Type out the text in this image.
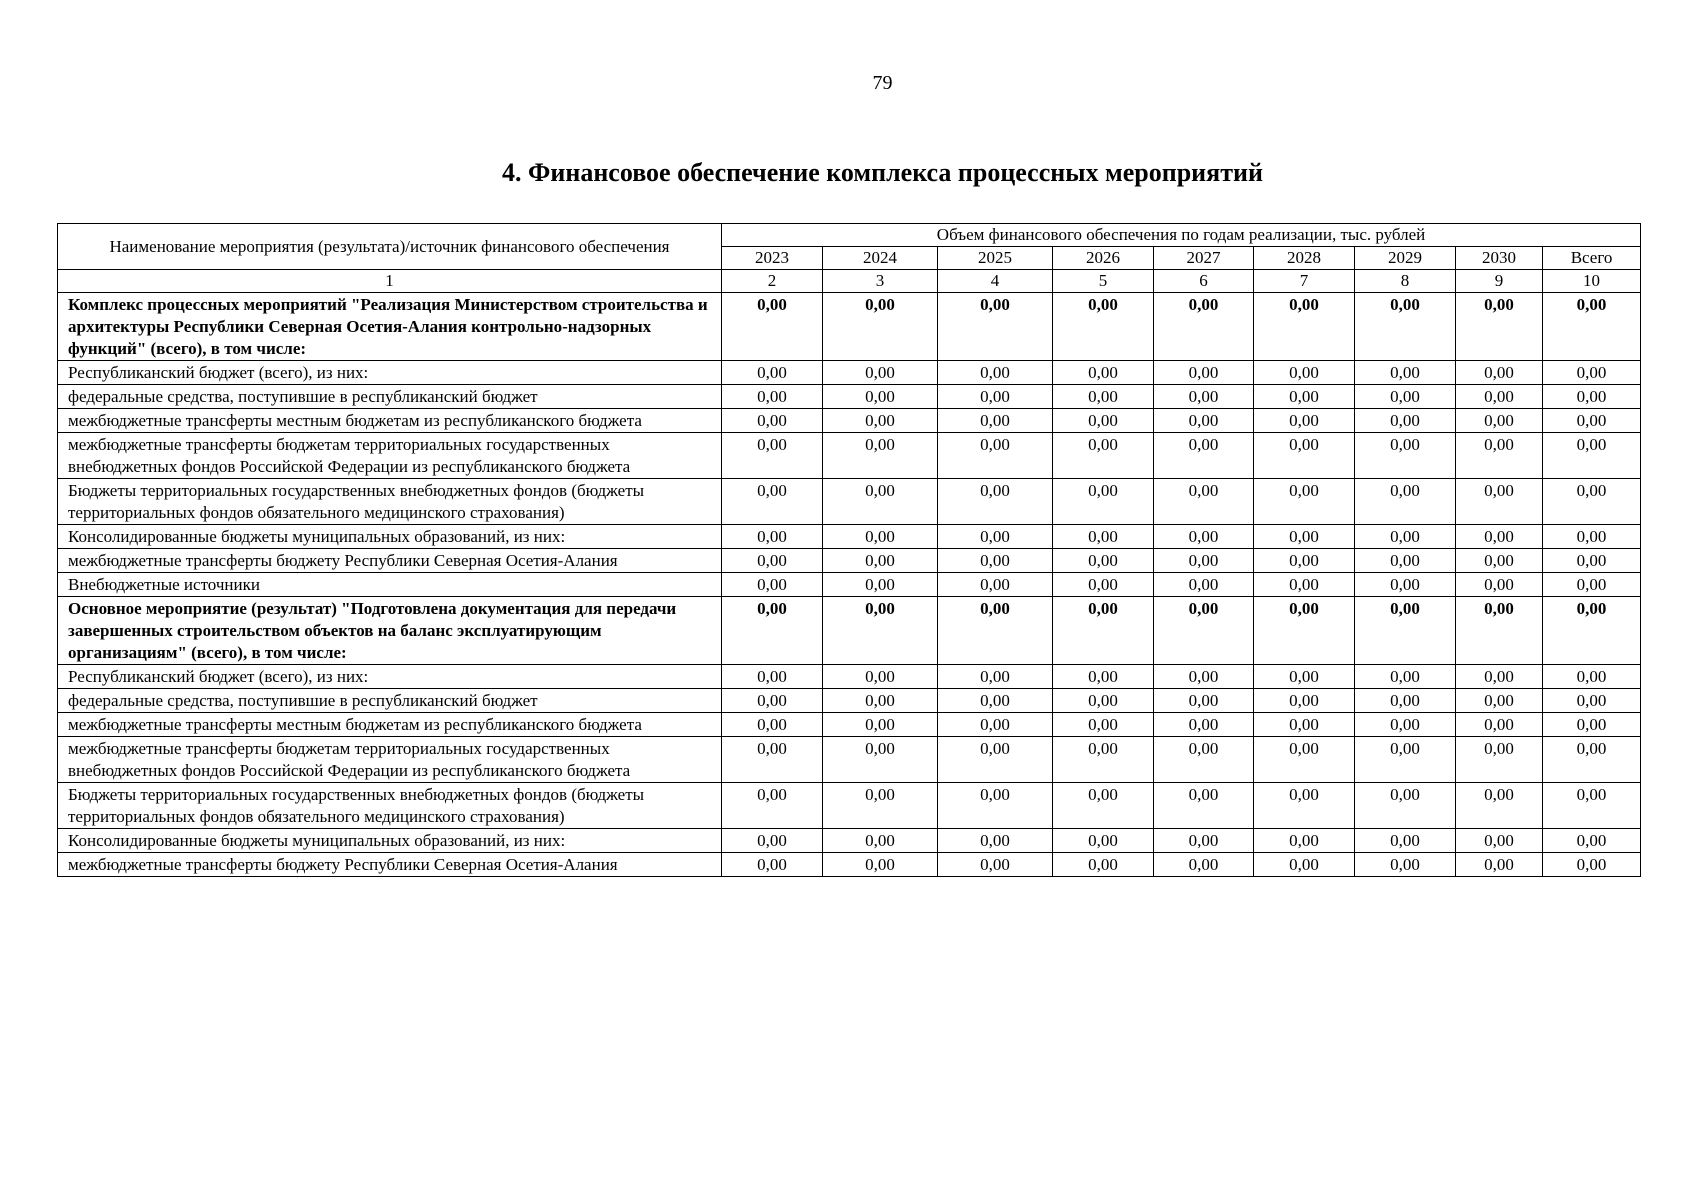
79
4. Финансовое обеспечение комплекса процессных мероприятий
Наименование мероприятия (результата)/источник финансового обеспечения	Объем финансового обеспечения по годам реализации, тыс. рублей								
	2023	2024	2025	2026	2027	2028	2029	2030	Всего
1	2	3	4	5	6	7	8	9	10
Комплекс процессных мероприятий "Реализация Министерством строительства и архитектуры Республики Северная Осетия-Алания контрольно-надзорных функций" (всего), в том числе:	0,00	0,00	0,00	0,00	0,00	0,00	0,00	0,00	0,00
Республиканский бюджет (всего), из них:	0,00	0,00	0,00	0,00	0,00	0,00	0,00	0,00	0,00
федеральные средства, поступившие в республиканский бюджет	0,00	0,00	0,00	0,00	0,00	0,00	0,00	0,00	0,00
межбюджетные трансферты местным бюджетам из республиканского бюджета	0,00	0,00	0,00	0,00	0,00	0,00	0,00	0,00	0,00
межбюджетные трансферты бюджетам территориальных государственных внебюджетных фондов Российской Федерации из республиканского бюджета	0,00	0,00	0,00	0,00	0,00	0,00	0,00	0,00	0,00
Бюджеты территориальных государственных внебюджетных фондов (бюджеты территориальных фондов обязательного медицинского страхования)	0,00	0,00	0,00	0,00	0,00	0,00	0,00	0,00	0,00
Консолидированные бюджеты муниципальных образований, из них:	0,00	0,00	0,00	0,00	0,00	0,00	0,00	0,00	0,00
межбюджетные трансферты бюджету Республики Северная Осетия-Алания	0,00	0,00	0,00	0,00	0,00	0,00	0,00	0,00	0,00
Внебюджетные источники	0,00	0,00	0,00	0,00	0,00	0,00	0,00	0,00	0,00
Основное мероприятие (результат) "Подготовлена документация для передачи завершенных строительством объектов на баланс эксплуатирующим организациям" (всего), в том числе:	0,00	0,00	0,00	0,00	0,00	0,00	0,00	0,00	0,00
Республиканский бюджет (всего), из них:	0,00	0,00	0,00	0,00	0,00	0,00	0,00	0,00	0,00
федеральные средства, поступившие в республиканский бюджет	0,00	0,00	0,00	0,00	0,00	0,00	0,00	0,00	0,00
межбюджетные трансферты местным бюджетам из республиканского бюджета	0,00	0,00	0,00	0,00	0,00	0,00	0,00	0,00	0,00
межбюджетные трансферты бюджетам территориальных государственных внебюджетных фондов Российской Федерации из республиканского бюджета	0,00	0,00	0,00	0,00	0,00	0,00	0,00	0,00	0,00
Бюджеты территориальных государственных внебюджетных фондов (бюджеты территориальных фондов обязательного медицинского страхования)	0,00	0,00	0,00	0,00	0,00	0,00	0,00	0,00	0,00
Консолидированные бюджеты муниципальных образований, из них:	0,00	0,00	0,00	0,00	0,00	0,00	0,00	0,00	0,00
межбюджетные трансферты бюджету Республики Северная Осетия-Алания	0,00	0,00	0,00	0,00	0,00	0,00	0,00	0,00	0,00
